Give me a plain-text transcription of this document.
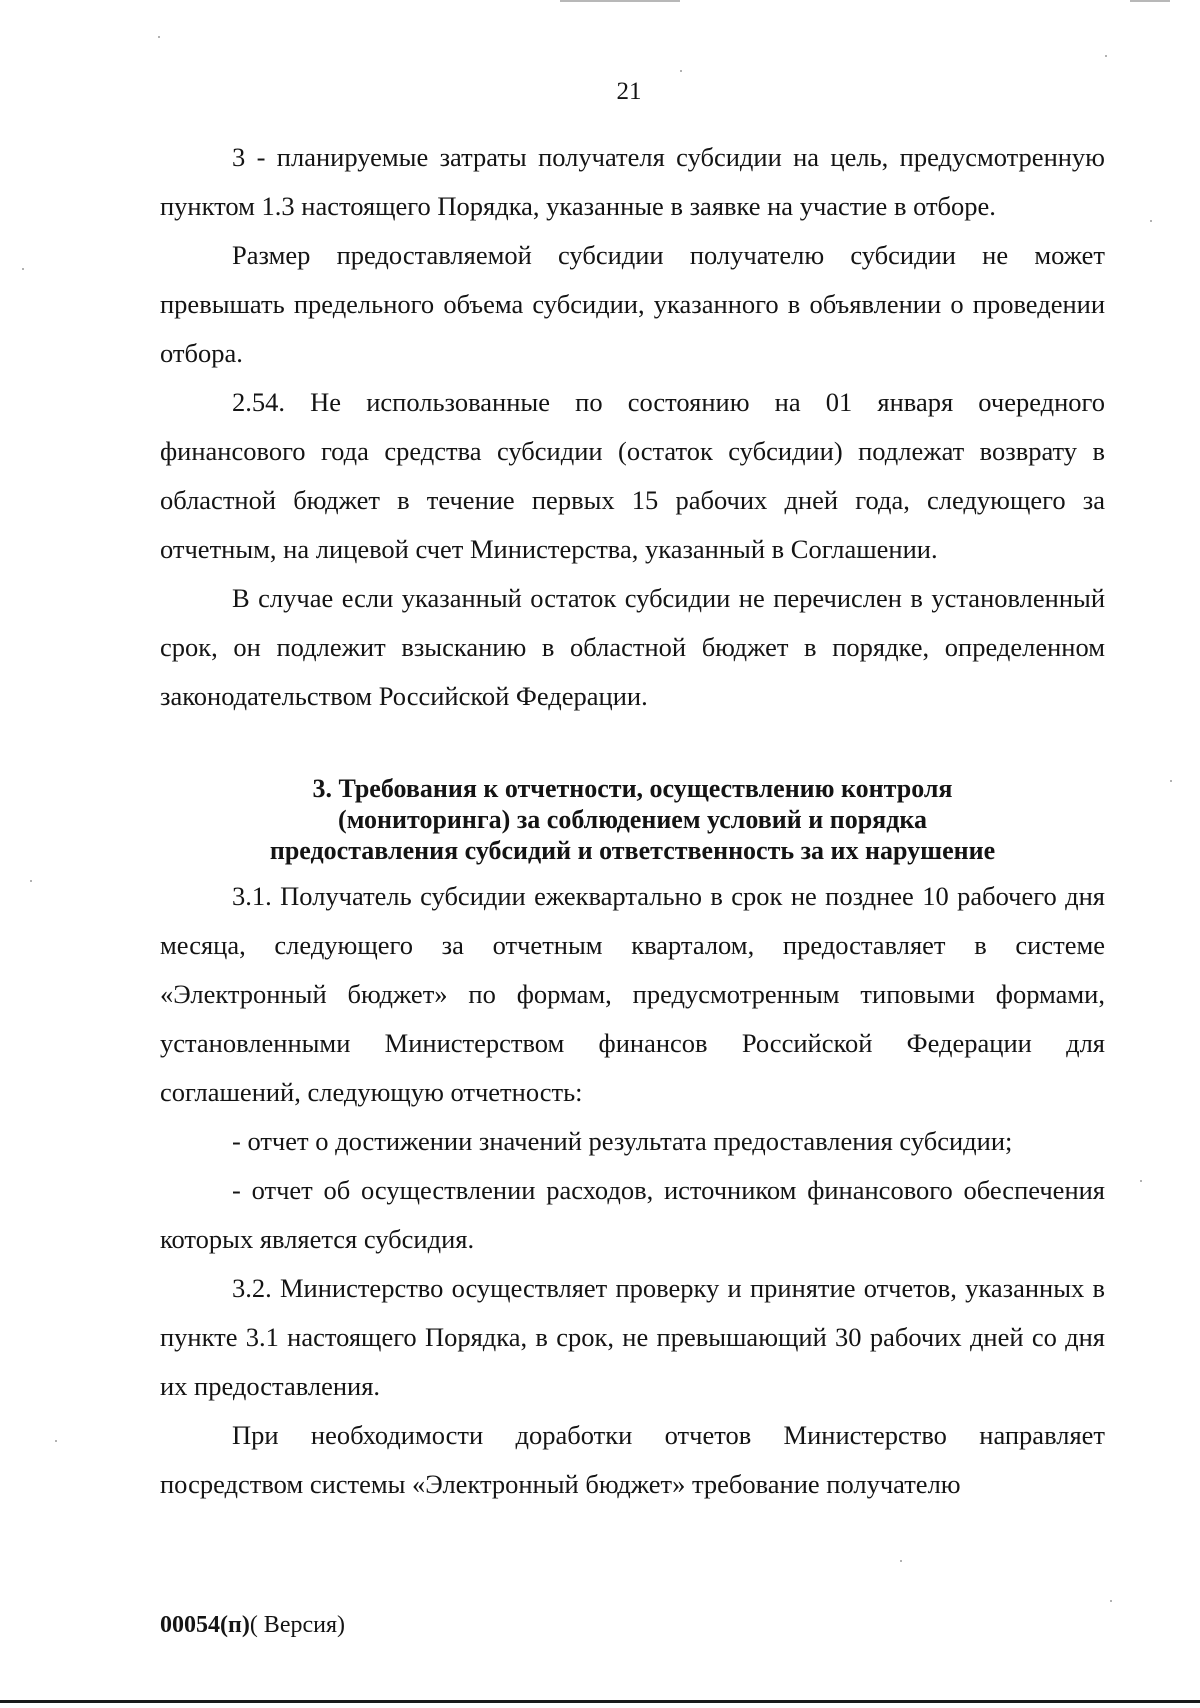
21

3 - планируемые затраты получателя субсидии на цель, предусмотренную пунктом 1.3 настоящего Порядка, указанные в заявке на участие в отборе.

Размер предоставляемой субсидии получателю субсидии не может превышать предельного объема субсидии, указанного в объявлении о проведении отбора.

2.54. Не использованные по состоянию на 01 января очередного финансового года средства субсидии (остаток субсидии) подлежат возврату в областной бюджет в течение первых 15 рабочих дней года, следующего за отчетным, на лицевой счет Министерства, указанный в Соглашении.

В случае если указанный остаток субсидии не перечислен в установленный срок, он подлежит взысканию в областной бюджет в порядке, определенном законодательством Российской Федерации.

3. Требования к отчетности, осуществлению контроля
(мониторинга) за соблюдением условий и порядка
предоставления субсидий и ответственность за их нарушение

3.1. Получатель субсидии ежеквартально в срок не позднее 10 рабочего дня месяца, следующего за отчетным кварталом, предоставляет в системе «Электронный бюджет» по формам, предусмотренным типовыми формами, установленными Министерством финансов Российской Федерации для соглашений, следующую отчетность:

- отчет о достижении значений результата предоставления субсидии;

- отчет об осуществлении расходов, источником финансового обеспечения которых является субсидия.

3.2. Министерство осуществляет проверку и принятие отчетов, указанных в пункте 3.1 настоящего Порядка, в срок, не превышающий 30 рабочих дней со дня их предоставления.

При необходимости доработки отчетов Министерство направляет посредством системы «Электронный бюджет» требование получателю

00054(п)( Версия)
